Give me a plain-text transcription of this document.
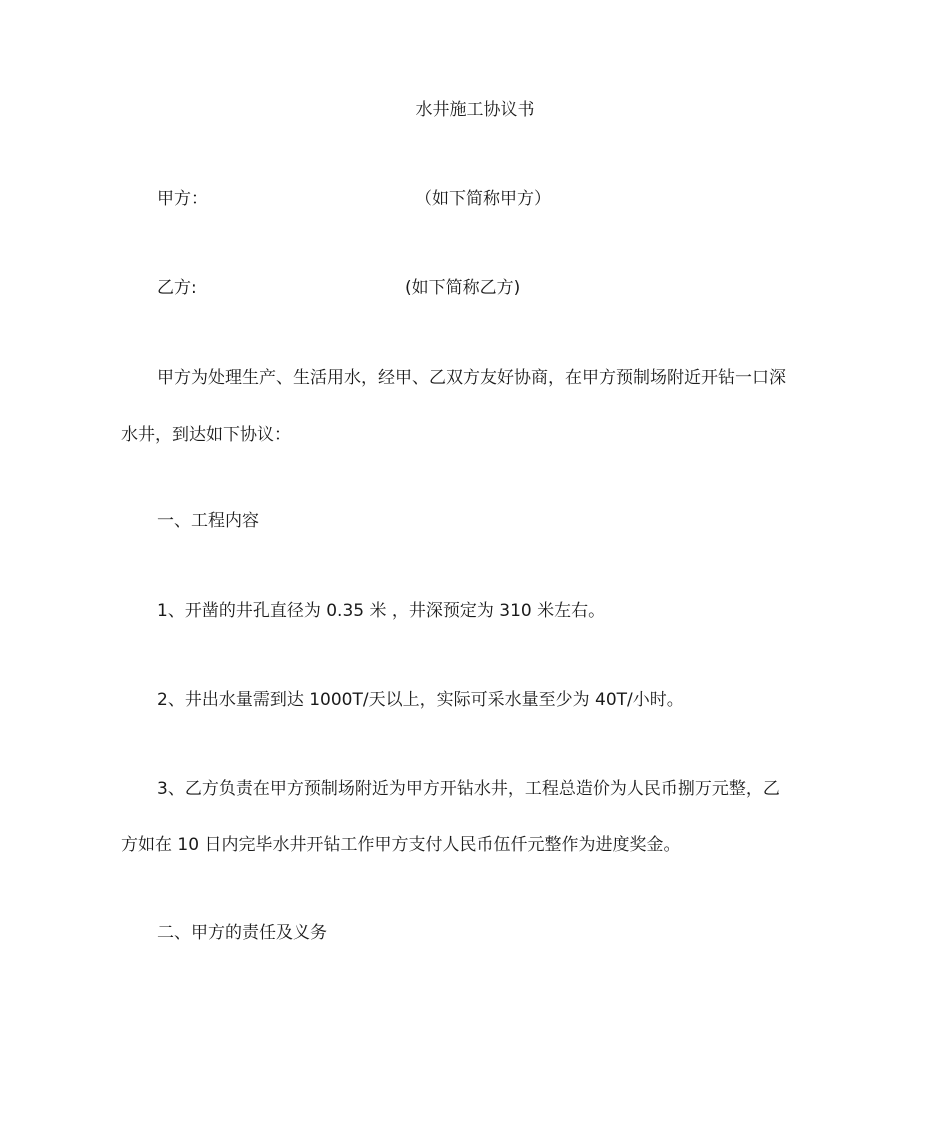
水井施工协议书
甲方：	（如下简称甲方）
乙方:	(如下简称乙方)
甲方为处理生产、生活用水，经甲、乙双方友好协商，在甲方预制场附近开钻一口深
水井，到达如下协议：
一、工程内容
1、开凿的井孔直径为 0.35 米 ，井深预定为 310 米左右。
2、井出水量需到达 1000T/天以上，实际可采水量至少为 40T/小时。
3、乙方负责在甲方预制场附近为甲方开钻水井，工程总造价为人民币捌万元整，乙
方如在 10 日内完毕水井开钻工作甲方支付人民币伍仟元整作为进度奖金。
二、甲方的责任及义务
